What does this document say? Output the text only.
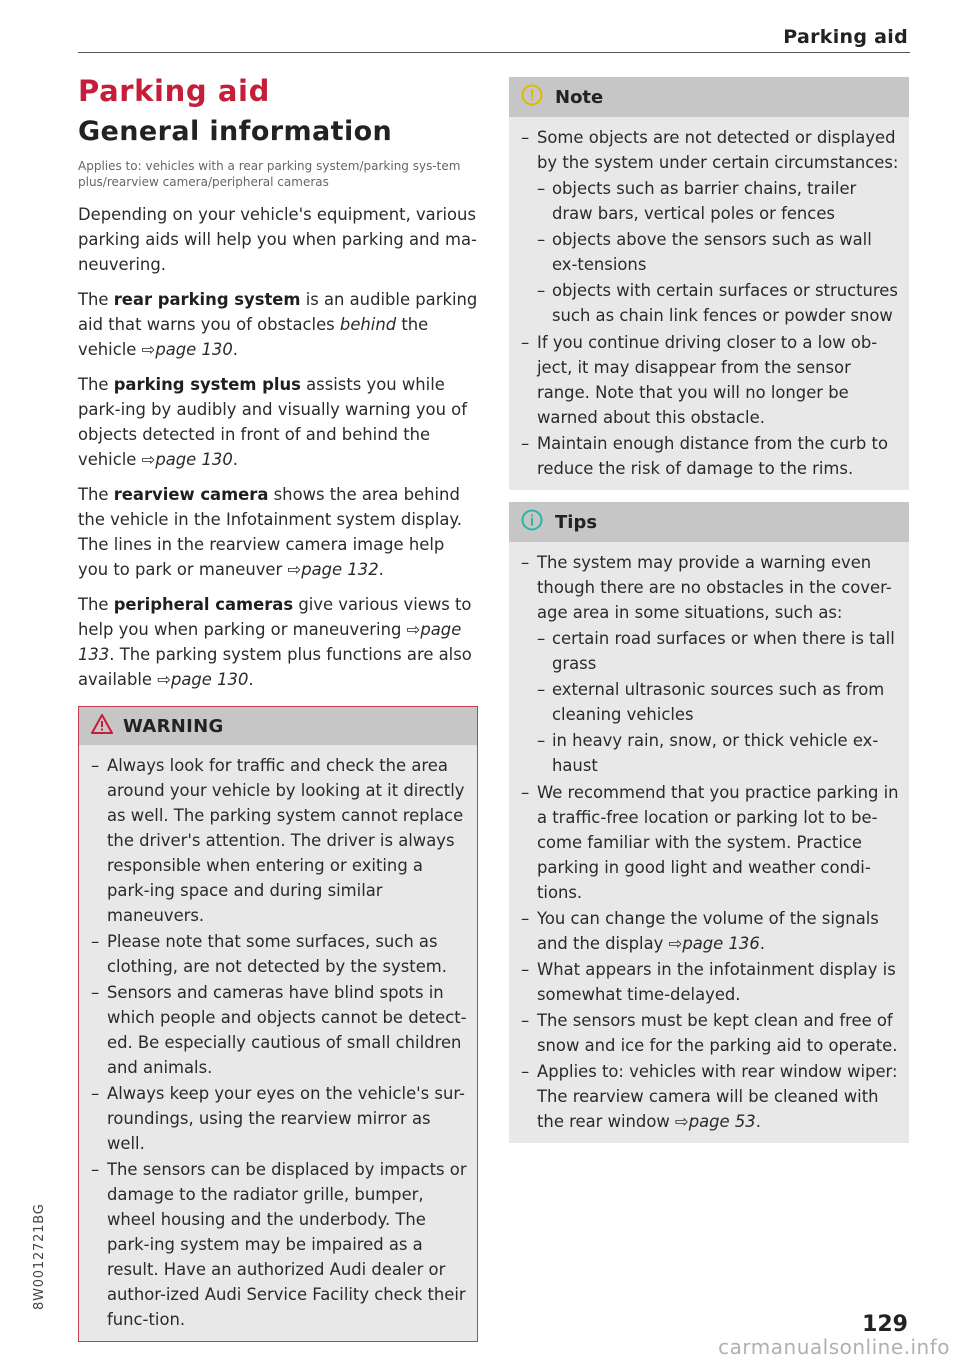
Parking aid
Parking aid
General information
Applies to: vehicles with a rear parking system/parking sys-tem plus/rearview camera/peripheral cameras

Depending on your vehicle's equipment, various parking aids will help you when parking and ma-neuvering.

The rear parking system is an audible parking aid that warns you of obstacles behind the vehicle ⇨page 130.

The parking system plus assists you while park-ing by audibly and visually warning you of objects detected in front of and behind the vehicle ⇨page 130.

The rearview camera shows the area behind the vehicle in the Infotainment system display. The lines in the rearview camera image help you to park or maneuver ⇨page 132.

The peripheral cameras give various views to help you when parking or maneuvering ⇨page 133. The parking system plus functions are also available ⇨page 130.

WARNING
– Always look for traffic and check the area around your vehicle by looking at it directly as well. The parking system cannot replace the driver's attention. The driver is always responsible when entering or exiting a park-ing space and during similar maneuvers.
– Please note that some surfaces, such as clothing, are not detected by the system.
– Sensors and cameras have blind spots in which people and objects cannot be detect-ed. Be especially cautious of small children and animals.
– Always keep your eyes on the vehicle's sur-roundings, using the rearview mirror as well.
– The sensors can be displaced by impacts or damage to the radiator grille, bumper, wheel housing and the underbody. The park-ing system may be impaired as a result. Have an authorized Audi dealer or author-ized Audi Service Facility check their func-tion.
Note
– Some objects are not detected or displayed by the system under certain circumstances:
– objects such as barrier chains, trailer draw bars, vertical poles or fences
– objects above the sensors such as wall ex-tensions
– objects with certain surfaces or structures such as chain link fences or powder snow
– If you continue driving closer to a low ob-ject, it may disappear from the sensor range. Note that you will no longer be warned about this obstacle.
– Maintain enough distance from the curb to reduce the risk of damage to the rims.
Tips
– The system may provide a warning even though there are no obstacles in the cover-age area in some situations, such as:
– certain road surfaces or when there is tall grass
– external ultrasonic sources such as from cleaning vehicles
– in heavy rain, snow, or thick vehicle ex-haust
– We recommend that you practice parking in a traffic-free location or parking lot to be-come familiar with the system. Practice parking in good light and weather condi-tions.
– You can change the volume of the signals and the display ⇨page 136.
– What appears in the infotainment display is somewhat time-delayed.
– The sensors must be kept clean and free of snow and ice for the parking aid to operate.
– Applies to: vehicles with rear window wiper: The rearview camera will be cleaned with the rear window ⇨page 53.
8W0012721BG
129
carmanualsonline.info
